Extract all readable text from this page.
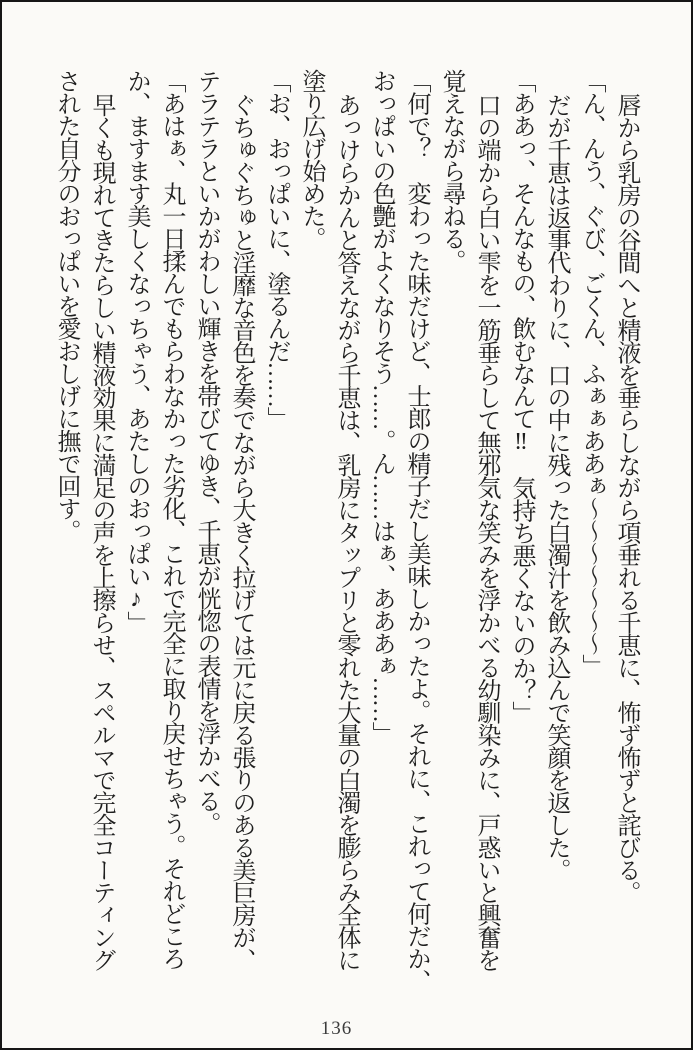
唇から乳房の谷間へと精液を垂らしながら項垂れる千恵に、怖ず怖ずと詫びる。
「ん、んう、ぐび、ごくん、ふぁぁああぁ～～～～～～～」
だが千恵は返事代わりに、口の中に残った白濁汁を飲み込んで笑顔を返した。
「ああっ、そんなもの、飲むなんて‼　気持ち悪くないのか？」
口の端から白い雫を一筋垂らして無邪気な笑みを浮かべる幼馴染みに、戸惑いと興奮を
覚えながら尋ねる。
「何で？　変わった味だけど、士郎の精子だし美味しかったよ。それに、これって何だか、
おっぱいの色艶がよくなりそう……。ん……はぁ、あああぁ……」
あっけらかんと答えながら千恵は、乳房にタップリと零れた大量の白濁を膨らみ全体に
塗り広げ始めた。
「お、おっぱいに、塗るんだ……」
ぐちゅぐちゅと淫靡な音色を奏でながら大きく拉げては元に戻る張りのある美巨房が、
テラテラといかがわしい輝きを帯びてゆき、千恵が恍惚の表情を浮かべる。
「あはぁ、丸一日揉んでもらわなかった劣化、これで完全に取り戻せちゃう。それどころ
か、ますます美しくなっちゃう、あたしのおっぱい♪」
早くも現れてきたらしい精液効果に満足の声を上擦らせ、スペルマで完全コーティング
された自分のおっぱいを愛おしげに撫で回す。
136
